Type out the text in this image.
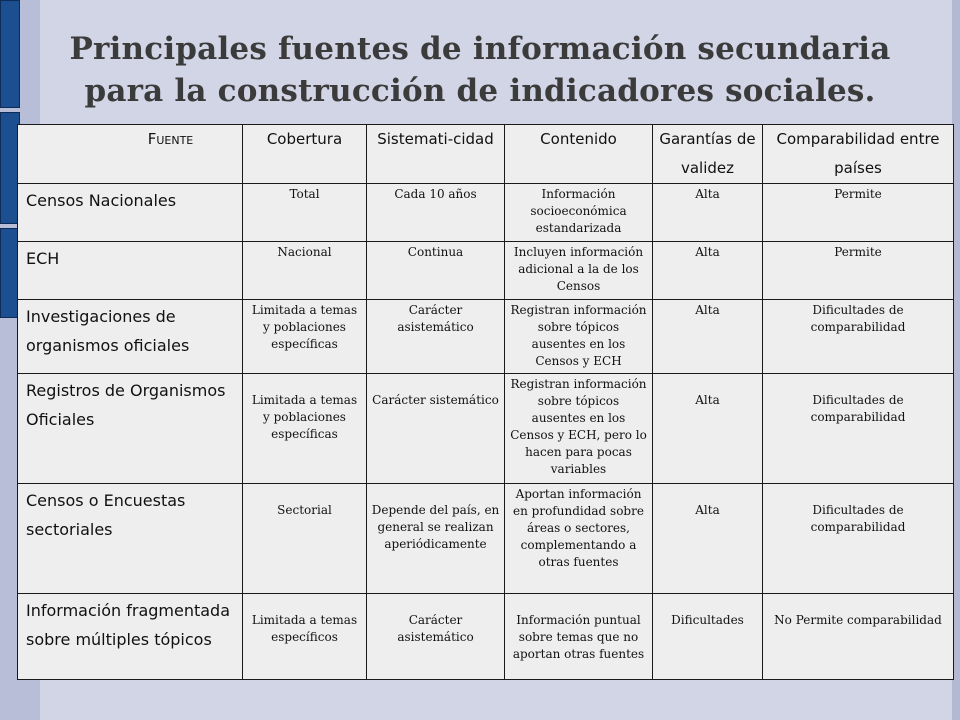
Principales fuentes de información secundaria
para la construcción de indicadores sociales.
Fuente	Cobertura	Sistemati-cidad	Contenido	Garantías de validez	Comparabilidad entre países
Censos Nacionales	Total	Cada 10 años	Información socioeconómica estandarizada	Alta	Permite
ECH	Nacional	Continua	Incluyen información adicional a la de los Censos	Alta	Permite
Investigaciones de organismos oficiales	Limitada a temas y poblaciones específicas	Carácter asistemático	Registran información sobre tópicos ausentes en los Censos y ECH	Alta	Dificultades de comparabilidad
Registros de Organismos Oficiales	Limitada a temas y poblaciones específicas	Carácter sistemático	Registran información sobre tópicos ausentes en los Censos y ECH, pero lo hacen para pocas variables	Alta	Dificultades de comparabilidad
Censos o Encuestas sectoriales	Sectorial	Depende del país, en general se realizan aperiódicamente	Aportan información en profundidad sobre áreas o sectores, complementando a otras fuentes	Alta	Dificultades de comparabilidad
Información fragmentada sobre múltiples tópicos	Limitada a temas específicos	Carácter asistemático	Información puntual sobre temas que no aportan otras fuentes	Dificultades	No Permite comparabilidad
